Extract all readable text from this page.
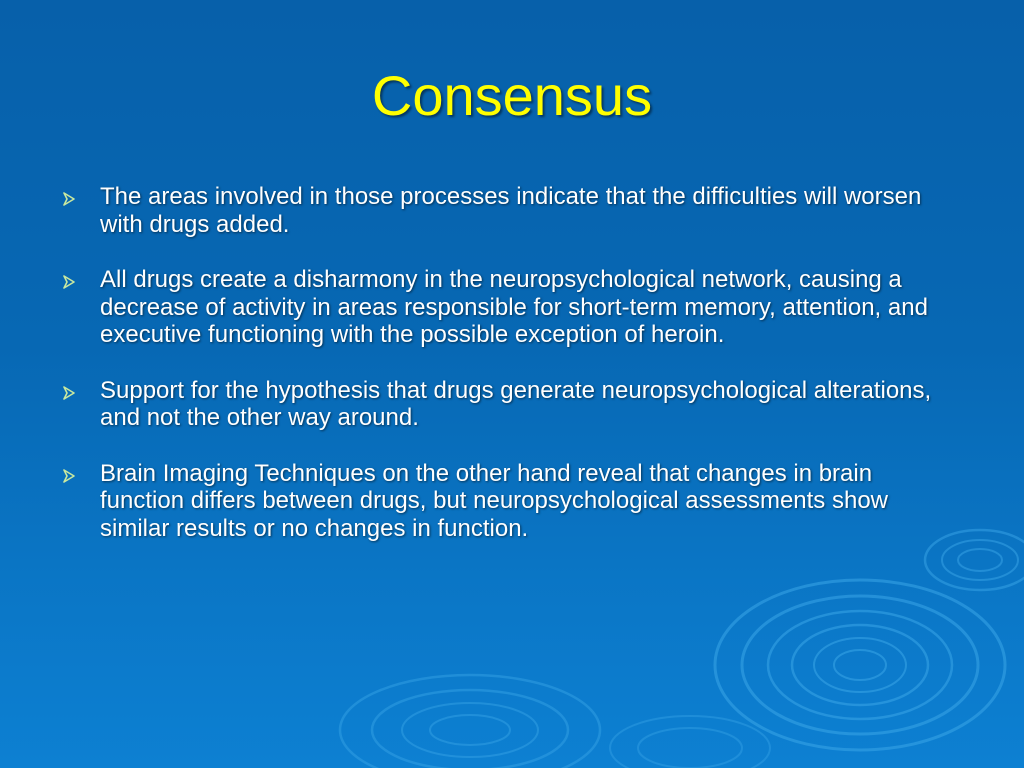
Consensus
The areas involved in those processes indicate that the difficulties will worsen with drugs added.
All drugs create a disharmony in the neuropsychological network, causing a decrease of activity in areas responsible for short-term memory, attention, and executive functioning with the possible exception of heroin.
Support for the hypothesis that drugs generate neuropsychological alterations, and not the other way around.
Brain Imaging Techniques on the other hand reveal that changes in brain function differs between drugs, but neuropsychological assessments show similar results or no changes in function.
